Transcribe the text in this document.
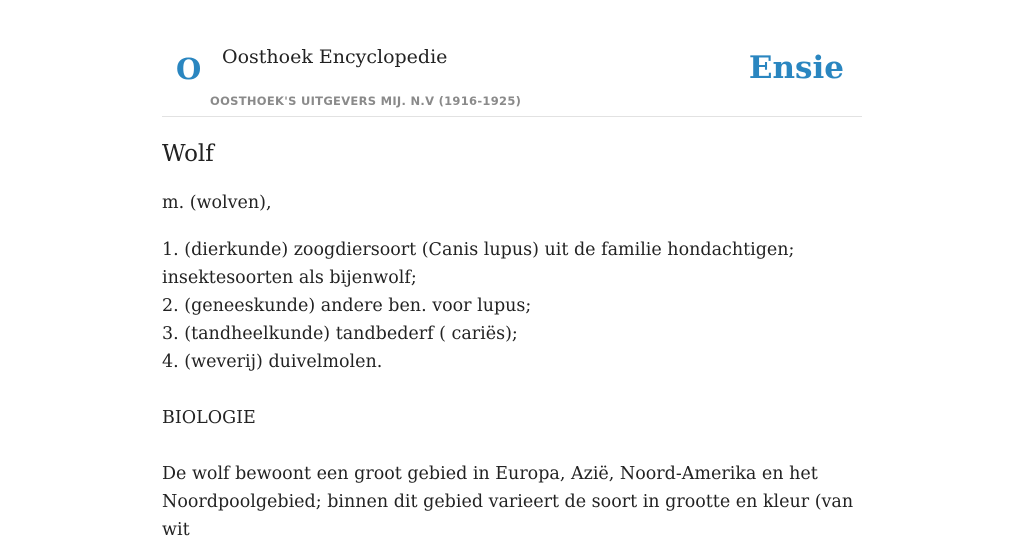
O Oosthoek Encyclopedie
OOSTHOEK'S UITGEVERS MIJ. N.V (1916-1925)
Ensie
Wolf

m. (wolven),

1. (dierkunde) zoogdiersoort (Canis lupus) uit de familie hondachtigen; insektesoorten als bijenwolf;
2. (geneeskunde) andere ben. voor lupus;
3. (tandheelkunde) tandbederf ( cariës);
4. (weverij) duivelmolen.

BIOLOGIE

De wolf bewoont een groot gebied in Europa, Azië, Noord-Amerika en het Noordpoolgebied; binnen dit gebied varieert de soort in grootte en kleur (van wit
